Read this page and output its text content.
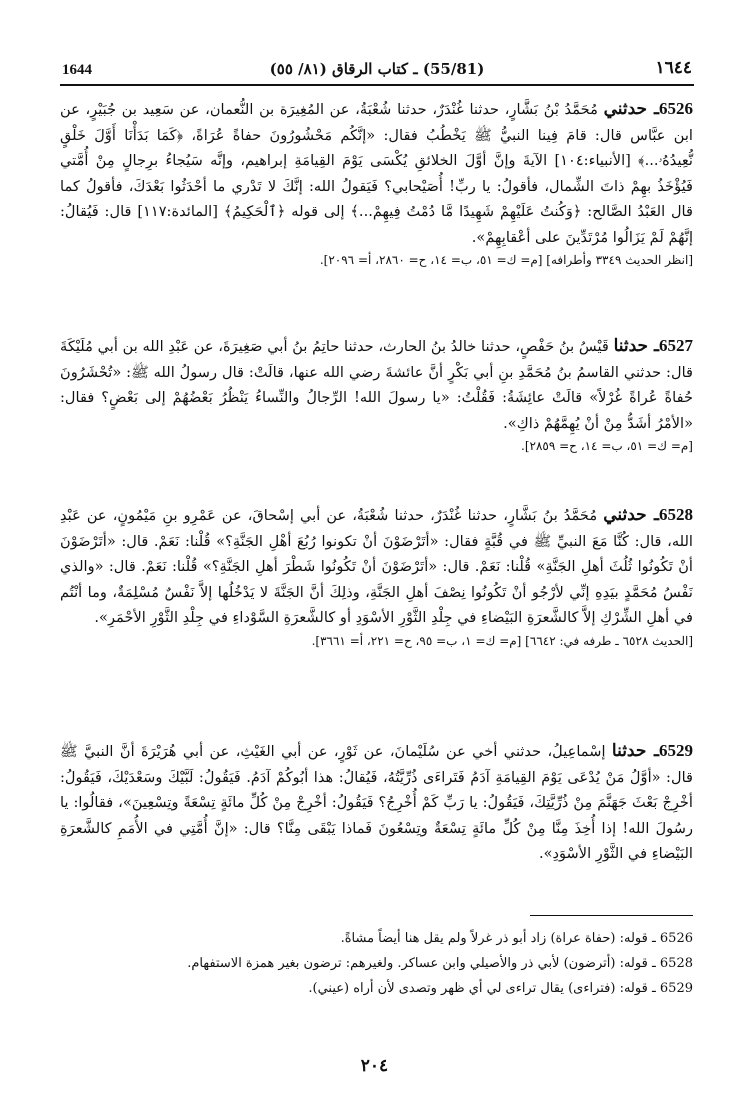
1644	(55/81) ـ كتاب الرقاق (٨١/ ٥٥)	١٦٤٤

6526ـ حدثني مُحَمَّدُ بْنُ بَشَّارٍ، حدثنا غُنْدَرٌ، حدثنا شُعْبَةُ، عن المُغِيرَة بن النُّعمان، عن سَعِيد بن جُبَيْرٍ، عن ابن عبَّاس قال: قامَ فِينا النبيُّ ﷺ يَخْطُبُ فقال: «إنَّكُم مَحْشُورُونَ حفاةً عُرَاةً، ﴿كَمَا بَدَأْنَا أَوَّلَ خَلْقٍ نُّعِيدُهُۥ...﴾ [الأنبياء:١٠٤] الآيةَ وإنَّ أوَّلَ الخلائقِ يُكْسَى يَوْمَ القِيامَةِ إبراهيم، وإنَّه سَيُجاءُ برِجالٍ مِنْ أُمَّتي فَيُؤْخَذُ بهِمْ ذاتَ الشِّمال، فأقولُ: يا ربِّ! أُصَيْحابي؟ فَيَقولُ الله: إنَّكَ لا تَدْري ما أحْدَثُوا بَعْدَكَ، فأقولُ كما قال العَبْدُ الصَّالح: ﴿وَكُنتُ عَلَيْهِمْ شَهِيدًا مَّا دُمْتُ فِيهِمْ...﴾ إلى قوله ﴿ٱلْحَكِيمُ﴾ [المائدة:١١٧] قال: فَيُقالُ: إنَّهُمْ لَمْ يَزَالُوا مُرْتَدِّينَ على أعْقابِهِمْ».

[انظر الحديث ٣٣٤٩ وأطرافه] [م= ك= ٥١، ب= ١٤، ح= ٢٨٦٠، أ= ٢٠٩٦].

6527ـ حدثنا قَيْسُ بنُ حَفْصٍ، حدثنا خالدُ بنُ الحارث، حدثنا حاتِمُ بنُ أبي صَغِيرَةَ، عن عَبْدِ الله بن أبي مُلَيْكَةَ قال: حدثني القاسمُ بنُ مُحَمَّدِ بنِ أبي بَكْرٍ أنَّ عائشةَ رضي الله عنها، قالَتْ: قال رسولُ الله ﷺ: «تُحْشَرُونَ حُفاةً عُراةً غُرْلاً» قالَتْ عائِشَةُ: فَقُلْتُ: «يا رسولَ الله! الرِّجالُ والنِّساءُ يَنْظُرُ بَعْضُهُمْ إلى بَعْضٍ؟ فقال: «الأمْرُ أشَدُّ مِنْ أنْ يُهِمَّهُمْ ذاكِ».

[م= ك= ٥١، ب= ١٤، ح= ٢٨٥٩].

6528ـ حدثني مُحَمَّدُ بنُ بَشَّارٍ، حدثنا غُنْدَرٌ، حدثنا شُعْبَةُ، عن أبي إسْحاقَ، عن عَمْرِو بنِ مَيْمُونٍ، عن عَبْدِ الله، قال: كُنَّا مَعَ النبيِّ ﷺ في قُبَّةٍ فقال: «أتَرْضَوْنَ أنْ تكونوا رُبُعَ أهْلِ الجَنَّةِ؟» قُلْنا: نَعَمْ. قال: «أتَرْضَوْنَ أنْ تَكُونُوا ثُلُثَ أهلِ الجَنَّةِ» قُلْنا: نَعَمْ. قال: «أتَرْضَوْنَ أنْ تَكُونُوا شَطْرَ أهلِ الجَنَّةِ؟» قُلْنا: نَعَمْ. قال: «والذي نَفْسُ مُحَمَّدٍ بيَدِهِ إنِّي لأرْجُو أنْ تَكُونُوا نِصْفَ أهلِ الجَنَّةِ، وذلِكَ أنَّ الجَنَّةَ لا يَدْخُلُها إلاَّ نَفْسٌ مُسْلِمَةٌ، وما أنْتُم في أهلِ الشِّرْكِ إلاَّ كالشَّعرَةِ البَيْضاءِ في جِلْدِ الثَّوْرِ الأسْوَدِ أو كالشَّعرَةِ السَّوْداءِ في جِلْدِ الثَّوْرِ الأحْمَرِ».

[الحديث ٦٥٢٨ ـ طرفه في: ٦٦٤٢] [م= ك= ١، ب= ٩٥، ح= ٢٢١، أ= ٣٦٦١].

6529ـ حدثنا إسْماعِيلُ، حدثني أخي عن سُلَيْمانَ، عن ثَوْرٍ، عن أبي الغَيْثِ، عن أبي هُرَيْرَةَ أنَّ النبيَّ ﷺ قال: «أوَّلُ مَنْ يُدْعَى يَوْمَ القِيامَةِ آدَمُ فَتَراءَى ذُرِّيَّتُهُ، فَيُقالُ: هذا أبُوكُمْ آدَمُ. فَيَقُولُ: لَبَّيْكَ وسَعْدَيْكَ، فَيَقُولُ: أخْرِجْ بَعْثَ جَهَنَّمَ مِنْ ذُرِّيَّتِكَ، فَيَقُولُ: يا رَبِّ كَمْ أُخْرِجُ؟ فَيَقُولُ: أخْرِجْ مِنْ كُلِّ مائَةٍ تِسْعَةً وتِسْعِينَ»، فقالُوا: يا رسُولَ الله! إذا أُخِذَ مِنَّا مِنْ كُلِّ مائَةٍ تِسْعَةٌ وتِسْعُونَ فَماذا يَبْقَى مِنَّا؟ قال: «إنَّ أُمَّتِي في الأُمَمِ كالشَّعرَةِ البَيْضاءِ في الثَّوْرِ الأسْوَدِ».

6526 ـ قوله: (حفاة عراة) زاد أبو ذر غرلاً ولم يقل هنا أيضاً مشاةً.
6528 ـ قوله: (أترضون) لأبي ذر والأصيلي وابن عساكر. ولغيرهم: ترضون بغير همزة الاستفهام.
6529 ـ قوله: (فتراءى) يقال تراءى لي أي ظهر وتصدى لأن أراه (عيني).
٢٠٤
